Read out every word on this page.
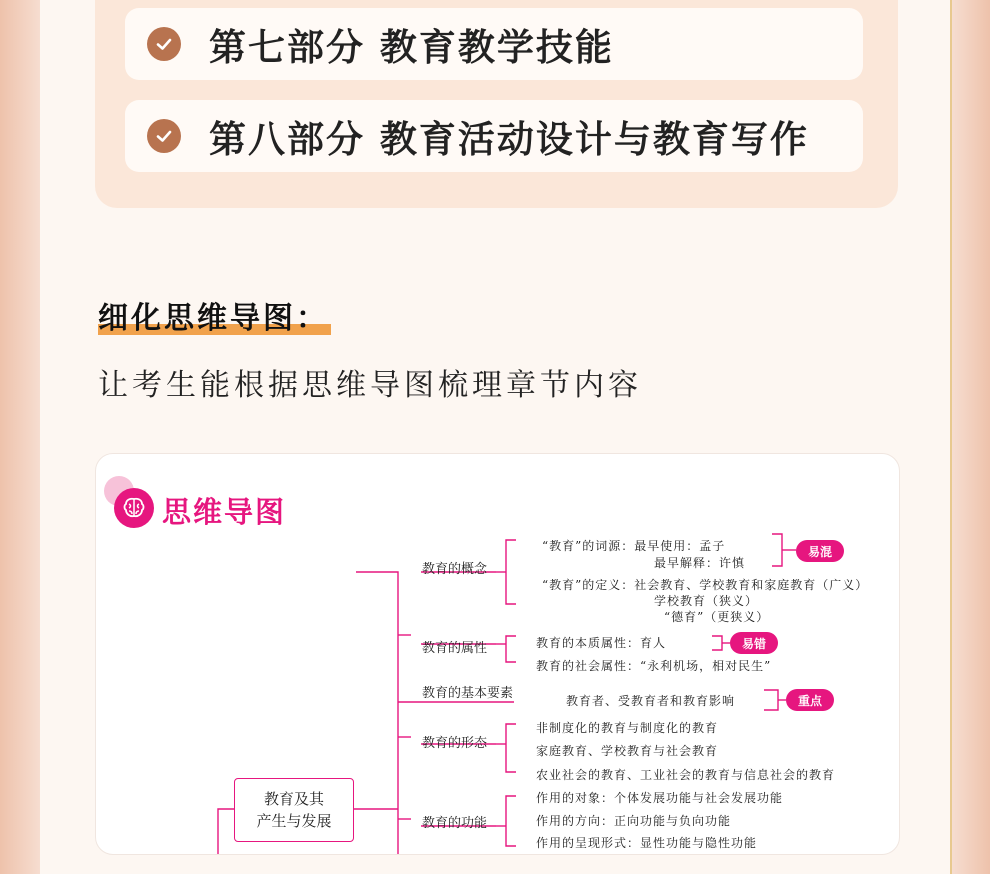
第七部分 教育教学技能
第八部分 教育活动设计与教育写作
细化思维导图：
让考生能根据思维导图梳理章节内容
思维导图
教育及其
产生与发展
教育的概念
教育的属性
教育的基本要素
教育的形态
教育的功能
“教育”的词源：最早使用：孟子
最早解释：许慎
“教育”的定义：社会教育、学校教育和家庭教育（广义）
学校教育（狭义）
“德育”（更狭义）
教育的本质属性：育人
教育的社会属性：“永利机场，相对民生”
教育者、受教育者和教育影响
非制度化的教育与制度化的教育
家庭教育、学校教育与社会教育
农业社会的教育、工业社会的教育与信息社会的教育
作用的对象：个体发展功能与社会发展功能
作用的方向：正向功能与负向功能
作用的呈现形式：显性功能与隐性功能
易混
易错
重点
